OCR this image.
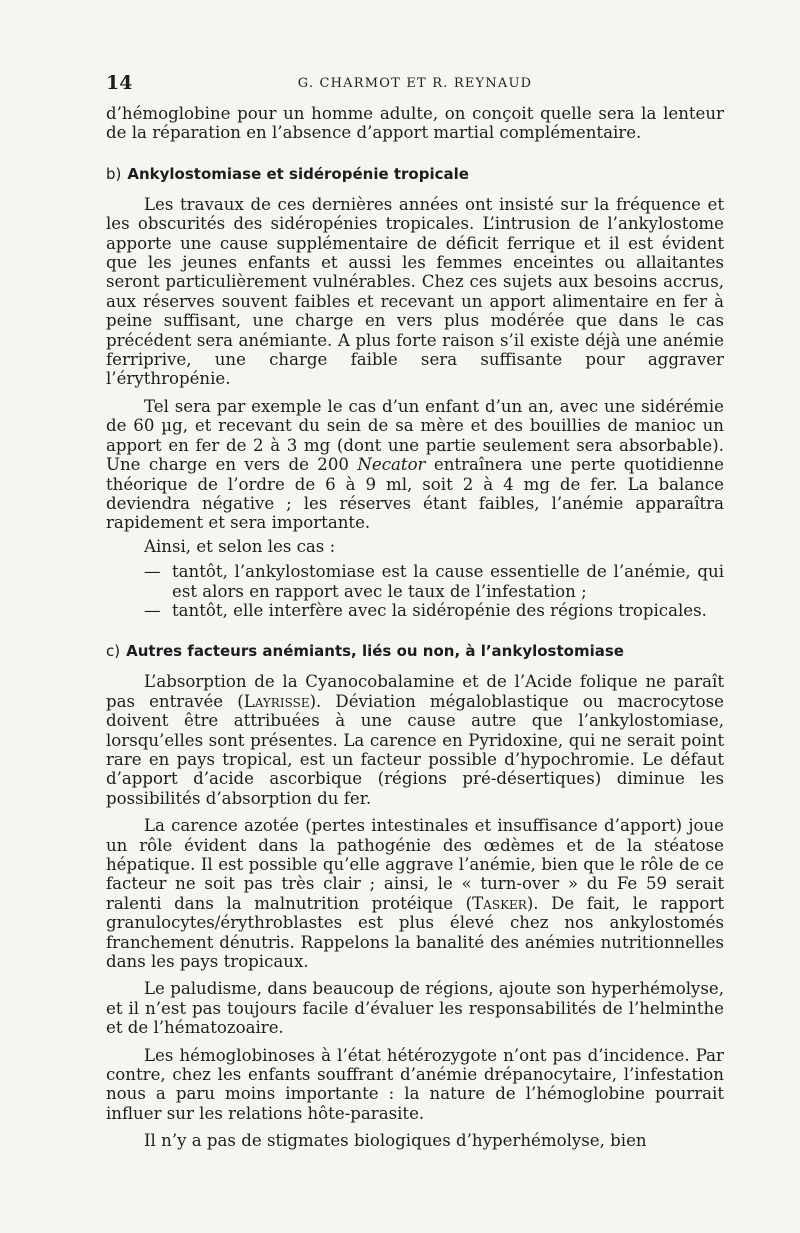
14	G. CHARMOT ET R. REYNAUD

d’hémoglobine pour un homme adulte, on conçoit quelle sera la lenteur de la réparation en l’absence d’apport martial complémentaire.

b) Ankylostomiase et sidéropénie tropicale

Les travaux de ces dernières années ont insisté sur la fréquence et les obscurités des sidéropénies tropicales. L’intrusion de l’ankylostome apporte une cause supplémentaire de déficit ferrique et il est évident que les jeunes enfants et aussi les femmes enceintes ou allaitantes seront particulièrement vulnérables. Chez ces sujets aux besoins accrus, aux réserves souvent faibles et recevant un apport alimentaire en fer à peine suffisant, une charge en vers plus modérée que dans le cas précédent sera anémiante. A plus forte raison s’il existe déjà une anémie ferriprive, une charge faible sera suffisante pour aggraver l’érythropénie.

Tel sera par exemple le cas d’un enfant d’un an, avec une sidérémie de 60 µg, et recevant du sein de sa mère et des bouillies de manioc un apport en fer de 2 à 3 mg (dont une partie seulement sera absorbable). Une charge en vers de 200 Necator entraînera une perte quotidienne théorique de l’ordre de 6 à 9 ml, soit 2 à 4 mg de fer. La balance deviendra négative ; les réserves étant faibles, l’anémie apparaîtra rapidement et sera importante.

Ainsi, et selon les cas :

— tantôt, l’ankylostomiase est la cause essentielle de l’anémie, qui est alors en rapport avec le taux de l’infestation ;
— tantôt, elle interfère avec la sidéropénie des régions tropicales.
c) Autres facteurs anémiants, liés ou non, à l’ankylostomiase

L’absorption de la Cyanocobalamine et de l’Acide folique ne paraît pas entravée (Layrisse). Déviation mégaloblastique ou macrocytose doivent être attribuées à une cause autre que l’ankylostomiase, lorsqu’elles sont présentes. La carence en Pyridoxine, qui ne serait point rare en pays tropical, est un facteur possible d’hypochromie. Le défaut d’apport d’acide ascorbique (régions pré-désertiques) diminue les possibilités d’absorption du fer.

La carence azotée (pertes intestinales et insuffisance d’apport) joue un rôle évident dans la pathogénie des œdèmes et de la stéatose hépatique. Il est possible qu’elle aggrave l’anémie, bien que le rôle de ce facteur ne soit pas très clair ; ainsi, le « turn-over » du Fe 59 serait ralenti dans la malnutrition protéique (Tasker). De fait, le rapport granulocytes/érythroblastes est plus élevé chez nos ankylostomés franchement dénutris. Rappelons la banalité des anémies nutritionnelles dans les pays tropicaux.

Le paludisme, dans beaucoup de régions, ajoute son hyperhémolyse, et il n’est pas toujours facile d’évaluer les responsabilités de l’helminthe et de l’hématozoaire.

Les hémoglobinoses à l’état hétérozygote n’ont pas d’incidence. Par contre, chez les enfants souffrant d’anémie drépanocytaire, l’infestation nous a paru moins importante : la nature de l’hémoglobine pourrait influer sur les relations hôte-parasite.

Il n’y a pas de stigmates biologiques d’hyperhémolyse, bien
